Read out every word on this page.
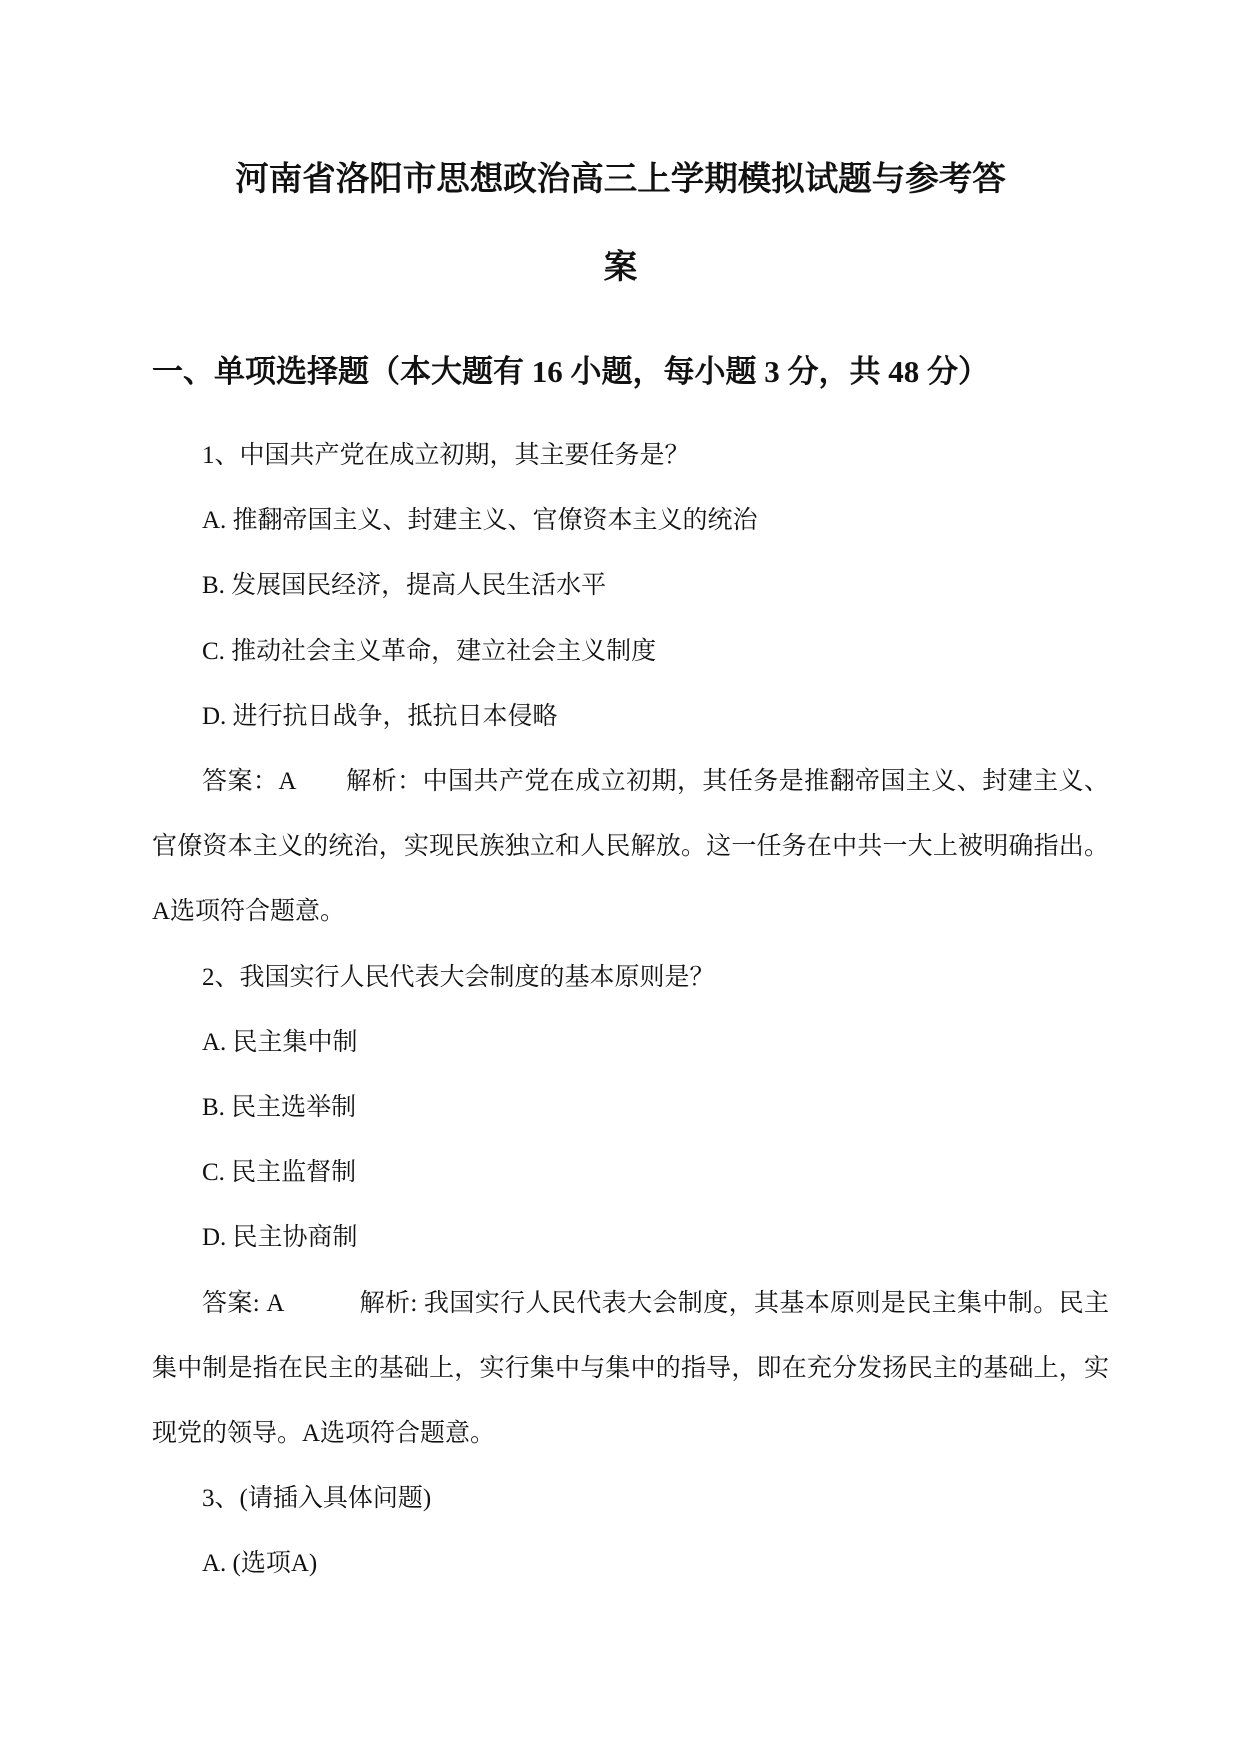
河南省洛阳市思想政治高三上学期模拟试题与参考答案
一、单项选择题（本大题有 16 小题，每小题 3 分，共 48 分）

1、中国共产党在成立初期，其主要任务是？

A. 推翻帝国主义、封建主义、官僚资本主义的统治

B. 发展国民经济，提高人民生活水平

C. 推动社会主义革命，建立社会主义制度

D. 进行抗日战争，抵抗日本侵略

答案：A　　解析：中国共产党在成立初期，其任务是推翻帝国主义、封建主义、官僚资本主义的统治，实现民族独立和人民解放。这一任务在中共一大上被明确指出。A选项符合题意。

2、我国实行人民代表大会制度的基本原则是？

A. 民主集中制

B. 民主选举制

C. 民主监督制

D. 民主协商制

答案: A　　　解析: 我国实行人民代表大会制度，其基本原则是民主集中制。民主集中制是指在民主的基础上，实行集中与集中的指导，即在充分发扬民主的基础上，实现党的领导。A选项符合题意。

3、(请插入具体问题)

A. (选项A)
